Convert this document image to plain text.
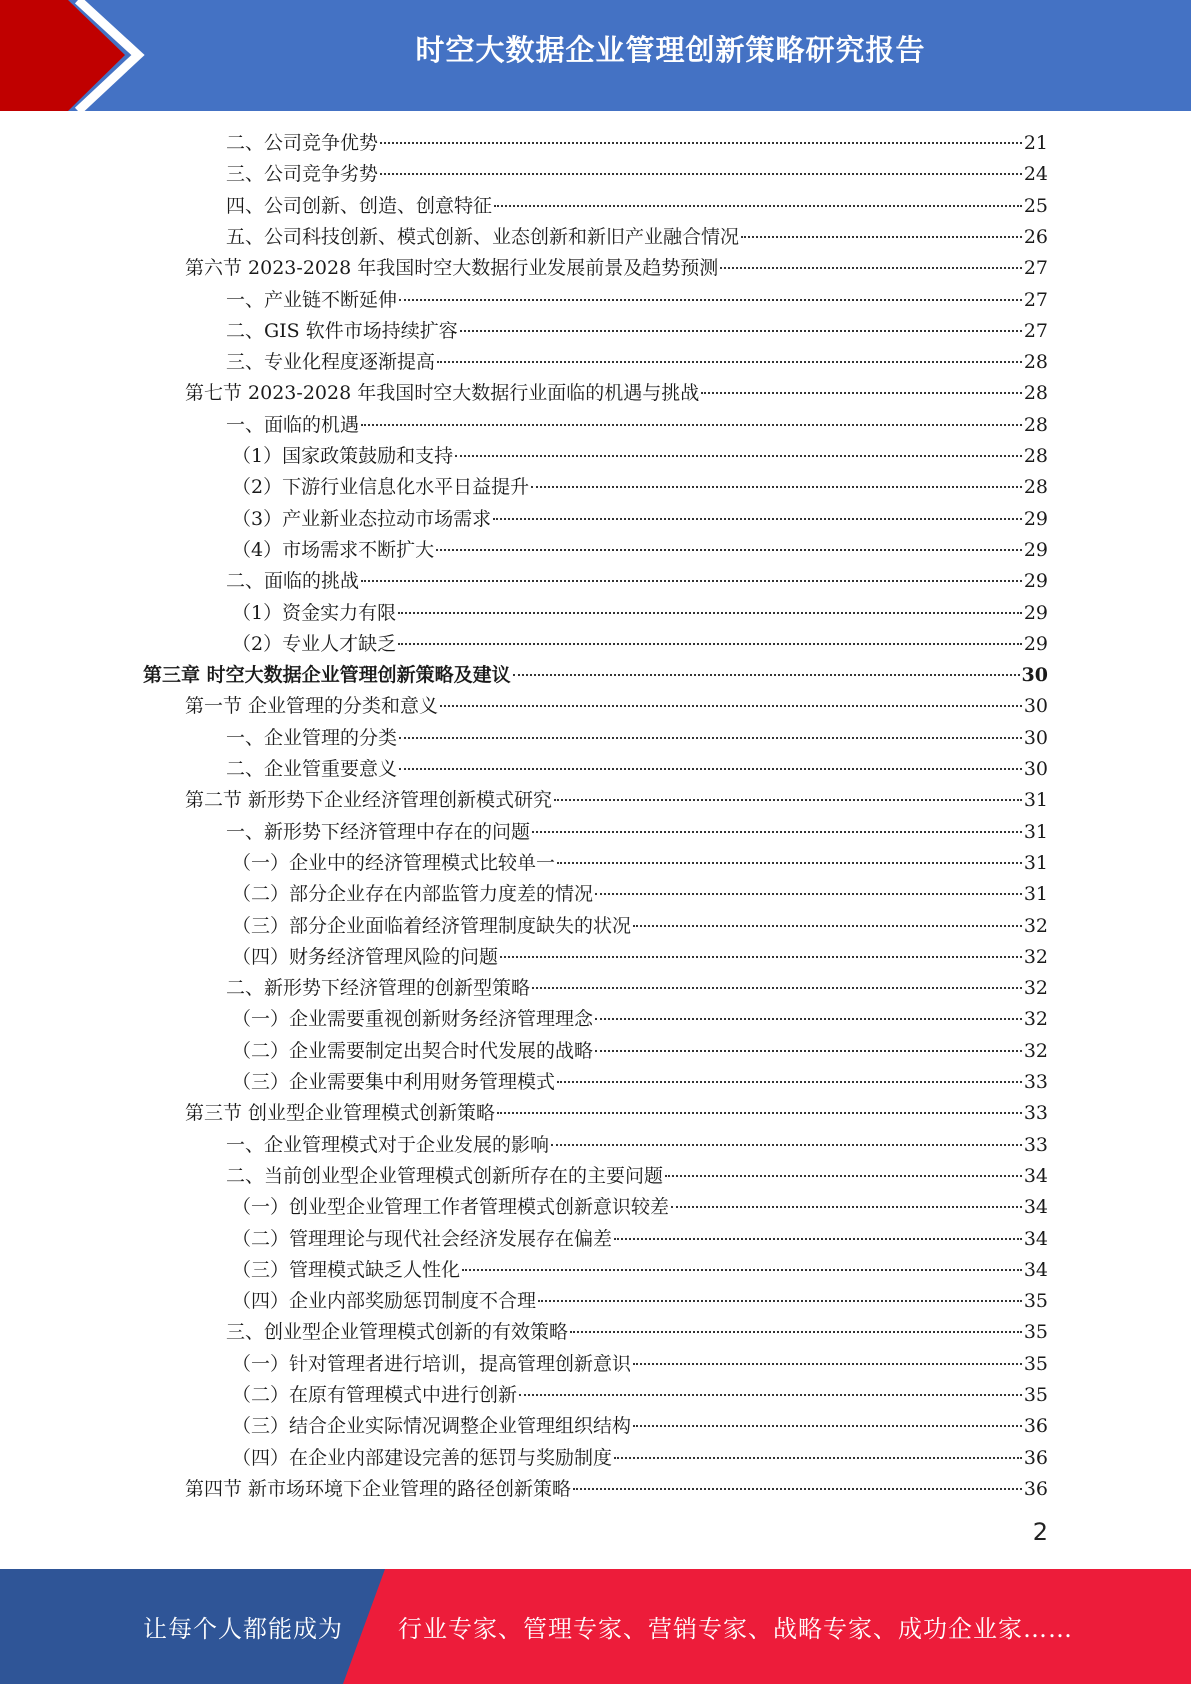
时空大数据企业管理创新策略研究报告
二、公司竞争优势	21
三、公司竞争劣势	24
四、公司创新、创造、创意特征	25
五、公司科技创新、模式创新、业态创新和新旧产业融合情况	26
第六节 2023-2028 年我国时空大数据行业发展前景及趋势预测	27
一、产业链不断延伸	27
二、GIS 软件市场持续扩容	27
三、专业化程度逐渐提高	28
第七节 2023-2028 年我国时空大数据行业面临的机遇与挑战	28
一、面临的机遇	28
（1）国家政策鼓励和支持	28
（2）下游行业信息化水平日益提升	28
（3）产业新业态拉动市场需求	29
（4）市场需求不断扩大	29
二、面临的挑战	29
（1）资金实力有限	29
（2）专业人才缺乏	29
第三章 时空大数据企业管理创新策略及建议	30
第一节 企业管理的分类和意义	30
一、企业管理的分类	30
二、企业管重要意义	30
第二节 新形势下企业经济管理创新模式研究	31
一、新形势下经济管理中存在的问题	31
（一）企业中的经济管理模式比较单一	31
（二）部分企业存在内部监管力度差的情况	31
（三）部分企业面临着经济管理制度缺失的状况	32
（四）财务经济管理风险的问题	32
二、新形势下经济管理的创新型策略	32
（一）企业需要重视创新财务经济管理理念	32
（二）企业需要制定出契合时代发展的战略	32
（三）企业需要集中利用财务管理模式	33
第三节 创业型企业管理模式创新策略	33
一、企业管理模式对于企业发展的影响	33
二、当前创业型企业管理模式创新所存在的主要问题	34
（一）创业型企业管理工作者管理模式创新意识较差	34
（二）管理理论与现代社会经济发展存在偏差	34
（三）管理模式缺乏人性化	34
（四）企业内部奖励惩罚制度不合理	35
三、创业型企业管理模式创新的有效策略	35
（一）针对管理者进行培训，提高管理创新意识	35
（二）在原有管理模式中进行创新	35
（三）结合企业实际情况调整企业管理组织结构	36
（四）在企业内部建设完善的惩罚与奖励制度	36
第四节 新市场环境下企业管理的路径创新策略	36
2
让每个人都能成为 行业专家、管理专家、营销专家、战略专家、成功企业家……
